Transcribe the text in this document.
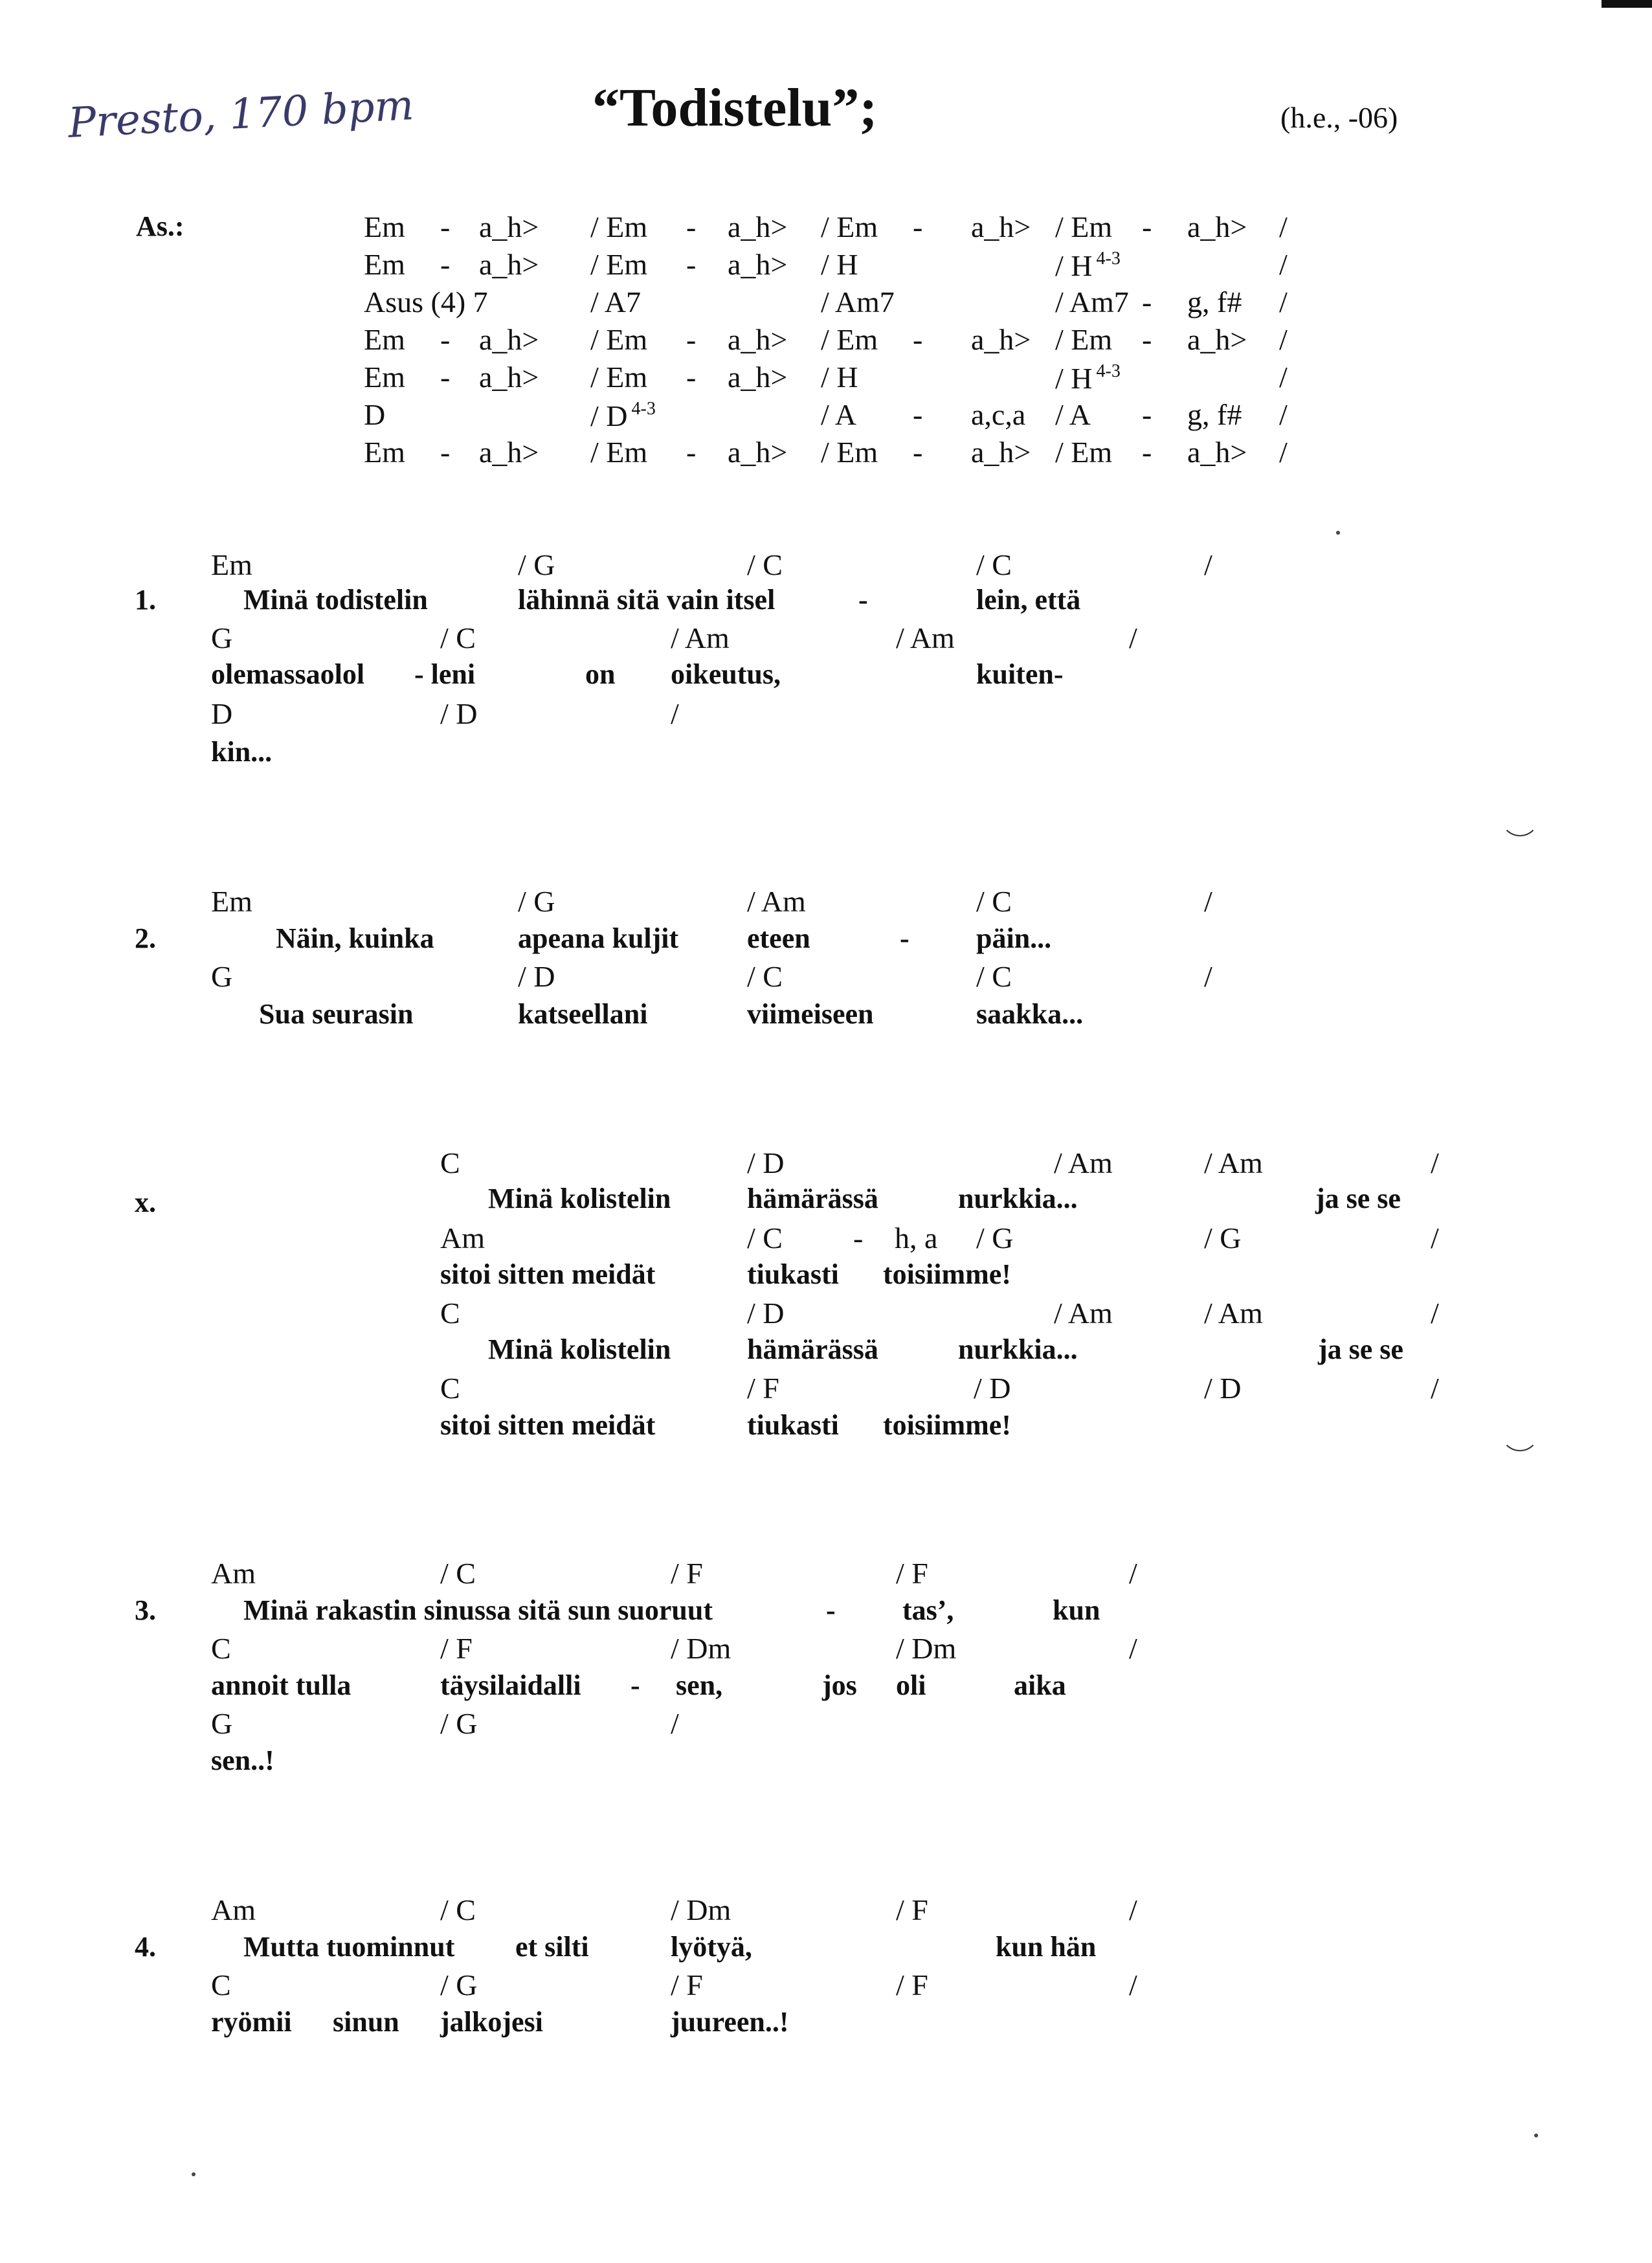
Presto, 170 bpm	“Todistelu”;	(h.e., -06)
As.:	Em - a_h> / Em - a_h> / Em - a_h> / Em - a_h> /
Em - a_h> / Em - a_h> / H	/ H $^{4-3}$	/
Asus (4) 7	/ A7	/ Am7	/ Am7 - g, f# /
Em - a_h> / Em - a_h> / Em - a_h> / Em - a_h> /
Em - a_h> / Em - a_h> / H	/ H $^{4-3}$	/
D	/ D $^{4-3}$	/ A - a,c,a / A - g, f# /
Em - a_h> / Em - a_h> / Em - a_h> / Em - a_h> /
1.
Em	/ G	/ C	/ C	/
Minä todistelin	lähinnä sitä vain itsel	-	lein, että
G	/ C	/ Am	/ Am	/
olemassaolol - leni	on oikeutus,	kuiten-
D	/ D	/
kin...
2.
Em	/ G	/ Am	/ C	/
Näin, kuinka	apeana kuljit eteen	- päin...
G	/ D	/ C	/ C	/
Sua seurasin	katseellani	viimeiseen	saakka...
x.
C	/ D	/ Am	/ Am	/
Minä kolistelin	hämärässä	nurkkia...	ja se se
Am	/ C - h, a / G	/ G	/
sitoi sitten meidät	tiukasti toisiimme!
C	/ D	/ Am	/ Am	/
Minä kolistelin	hämärässä	nurkkia...	ja se se
C	/ F	/ D	/ D	/
sitoi sitten meidät	tiukasti toisiimme!
3.
Am	/ C	/ F	/ F	/
Minä rakastin sinussa sitä sun suoruut	- tas’,	kun
C	/ F	/ Dm	/ Dm	/
annoit tulla	täysilaidalli - sen,	jos oli	aika
G	/ G	/
sen..!
4.
Am	/ C	/ Dm	/ F	/
Mutta tuominnut et silti	lyötyä,	kun hän
C	/ G	/ F	/ F	/
ryömii sinun jalkojesi	juureen..!
